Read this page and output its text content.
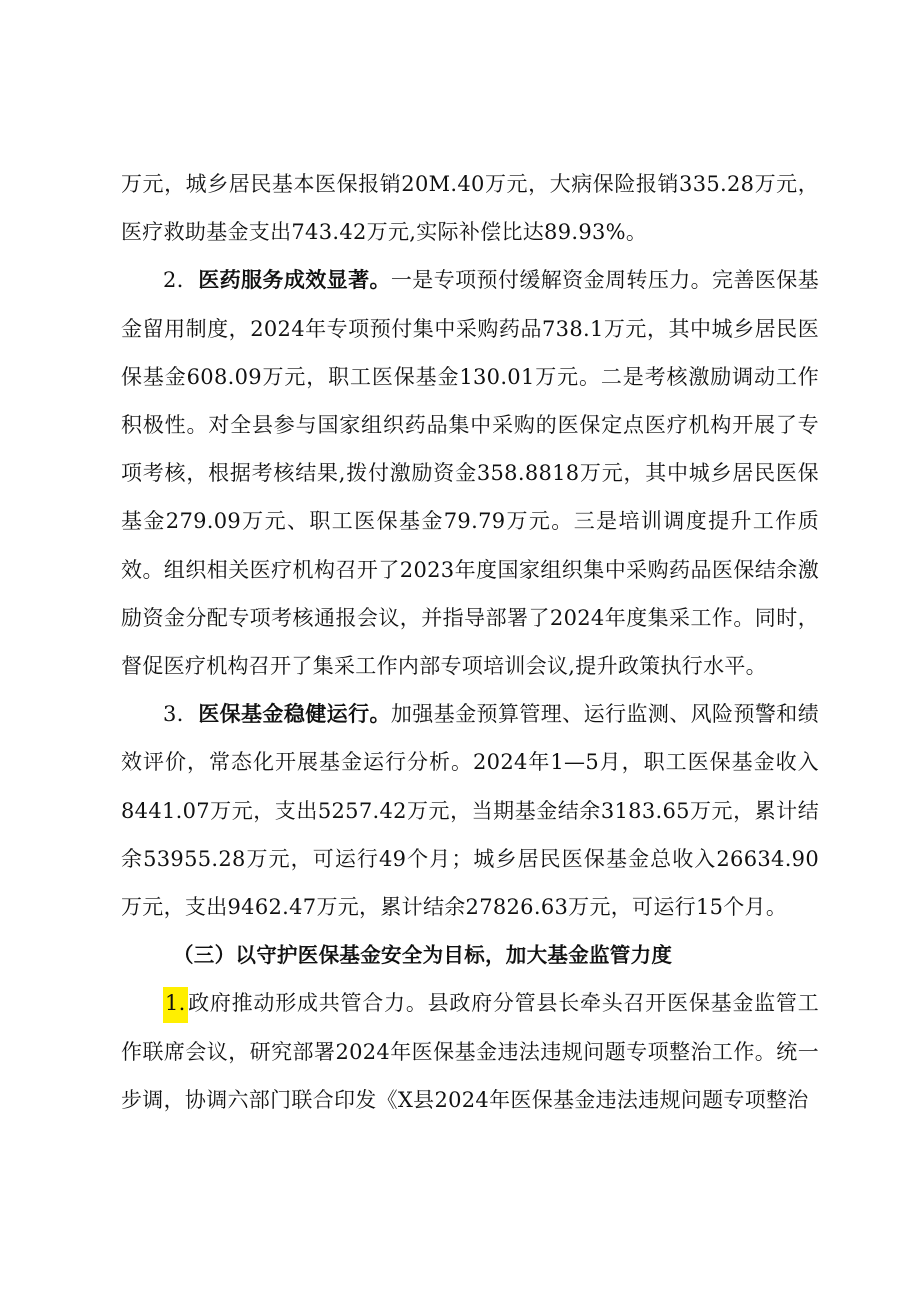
万元，城乡居民基本医保报销20M.40万元，大病保险报销335.28万元，医疗救助基金支出743.42万元,实际补偿比达89.93%。

2．医药服务成效显著。一是专项预付缓解资金周转压力。完善医保基金留用制度，2024年专项预付集中采购药品738.1万元，其中城乡居民医保基金608.09万元，职工医保基金130.01万元。二是考核激励调动工作积极性。对全县参与国家组织药品集中采购的医保定点医疗机构开展了专项考核，根据考核结果,拨付激励资金358.8818万元，其中城乡居民医保基金279.09万元、职工医保基金79.79万元。三是培训调度提升工作质效。组织相关医疗机构召开了2023年度国家组织集中采购药品医保结余激励资金分配专项考核通报会议，并指导部署了2024年度集采工作。同时，督促医疗机构召开了集采工作内部专项培训会议,提升政策执行水平。

3．医保基金稳健运行。加强基金预算管理、运行监测、风险预警和绩效评价，常态化开展基金运行分析。2024年1—5月，职工医保基金收入8441.07万元，支出5257.42万元，当期基金结余3183.65万元，累计结余53955.28万元，可运行49个月；城乡居民医保基金总收入26634.90万元，支出9462.47万元，累计结余27826.63万元，可运行15个月。

（三）以守护医保基金安全为目标，加大基金监管力度

1.政府推动形成共管合力。县政府分管县长牵头召开医保基金监管工作联席会议，研究部署2024年医保基金违法违规问题专项整治工作。统一步调，协调六部门联合印发《X县2024年医保基金违法违规问题专项整治
